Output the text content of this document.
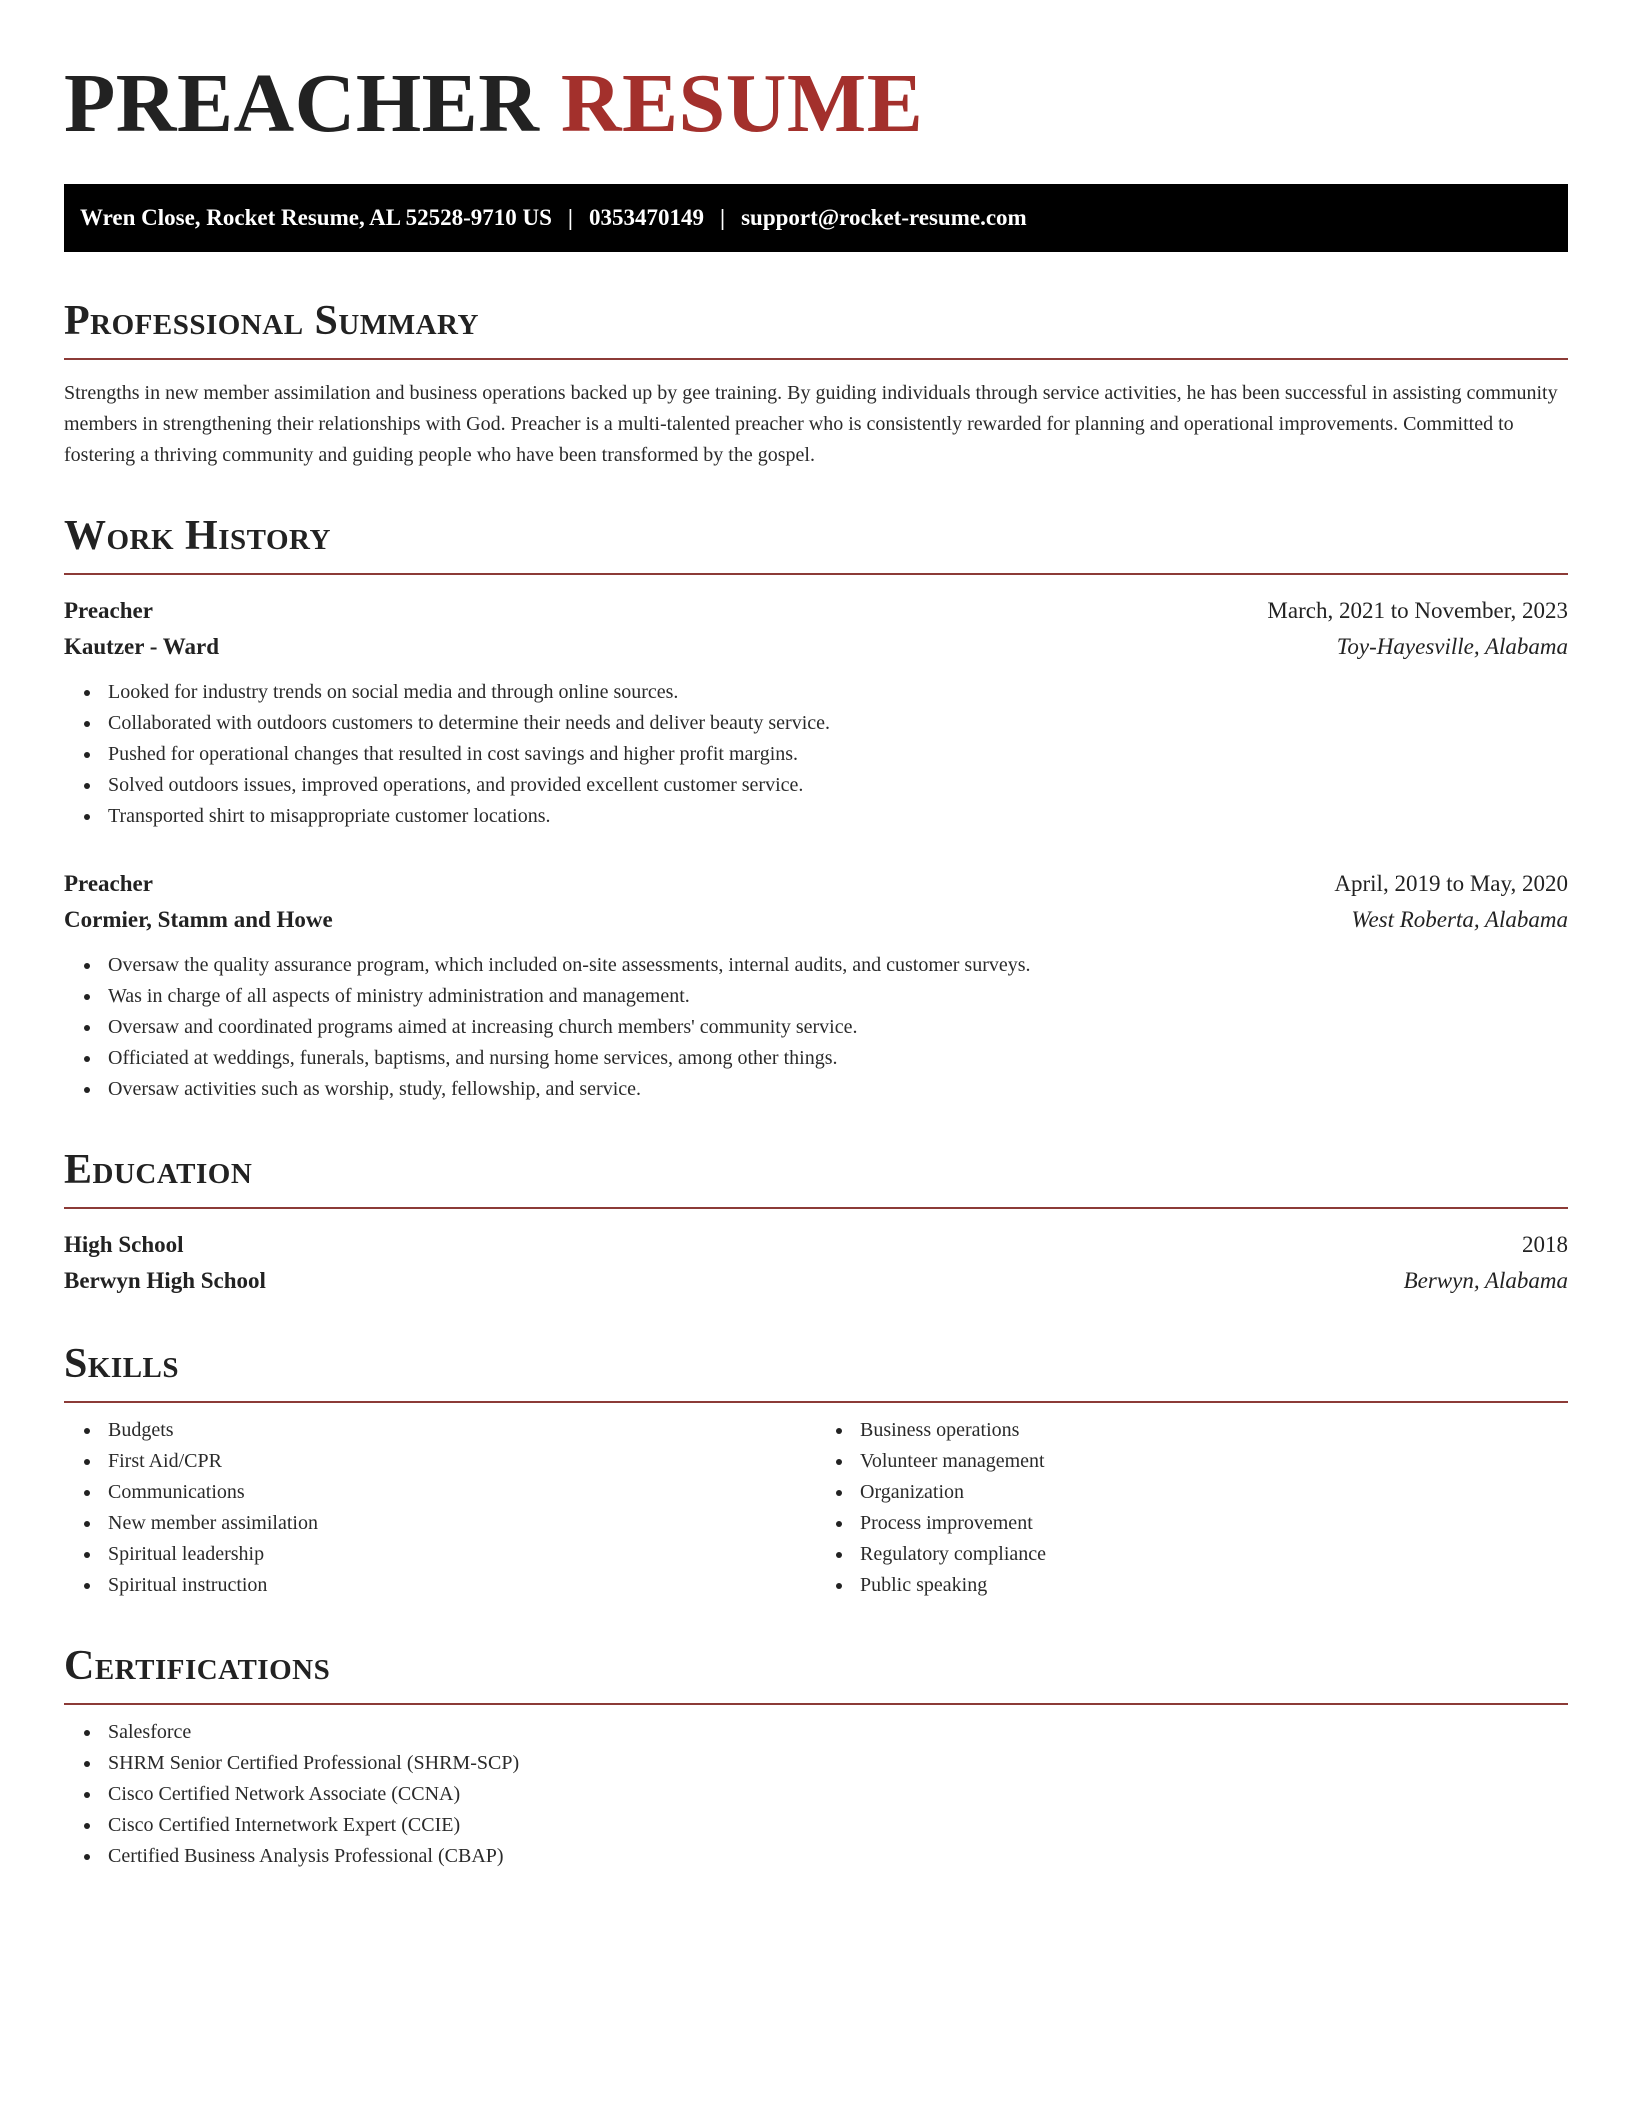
PREACHER RESUME
Wren Close, Rocket Resume, AL 52528-9710 US | 0353470149 | support@rocket-resume.com
Professional Summary

Strengths in new member assimilation and business operations backed up by gee training. By guiding individuals through service activities, he has been successful in assisting community members in strengthening their relationships with God. Preacher is a multi-talented preacher who is consistently rewarded for planning and operational improvements. Committed to fostering a thriving community and guiding people who have been transformed by the gospel.

Work History
Preacher	March, 2021 to November, 2023
Kautzer - Ward	Toy-Hayesville, Alabama
Looked for industry trends on social media and through online sources.
Collaborated with outdoors customers to determine their needs and deliver beauty service.
Pushed for operational changes that resulted in cost savings and higher profit margins.
Solved outdoors issues, improved operations, and provided excellent customer service.
Transported shirt to misappropriate customer locations.
Preacher	April, 2019 to May, 2020
Cormier, Stamm and Howe	West Roberta, Alabama
Oversaw the quality assurance program, which included on-site assessments, internal audits, and customer surveys.
Was in charge of all aspects of ministry administration and management.
Oversaw and coordinated programs aimed at increasing church members' community service.
Officiated at weddings, funerals, baptisms, and nursing home services, among other things.
Oversaw activities such as worship, study, fellowship, and service.
Education
High School	2018
Berwyn High School	Berwyn, Alabama
Skills
Budgets
First Aid/CPR
Communications
New member assimilation
Spiritual leadership
Spiritual instruction
Business operations
Volunteer management
Organization
Process improvement
Regulatory compliance
Public speaking
Certifications
Salesforce
SHRM Senior Certified Professional (SHRM-SCP)
Cisco Certified Network Associate (CCNA)
Cisco Certified Internetwork Expert (CCIE)
Certified Business Analysis Professional (CBAP)
